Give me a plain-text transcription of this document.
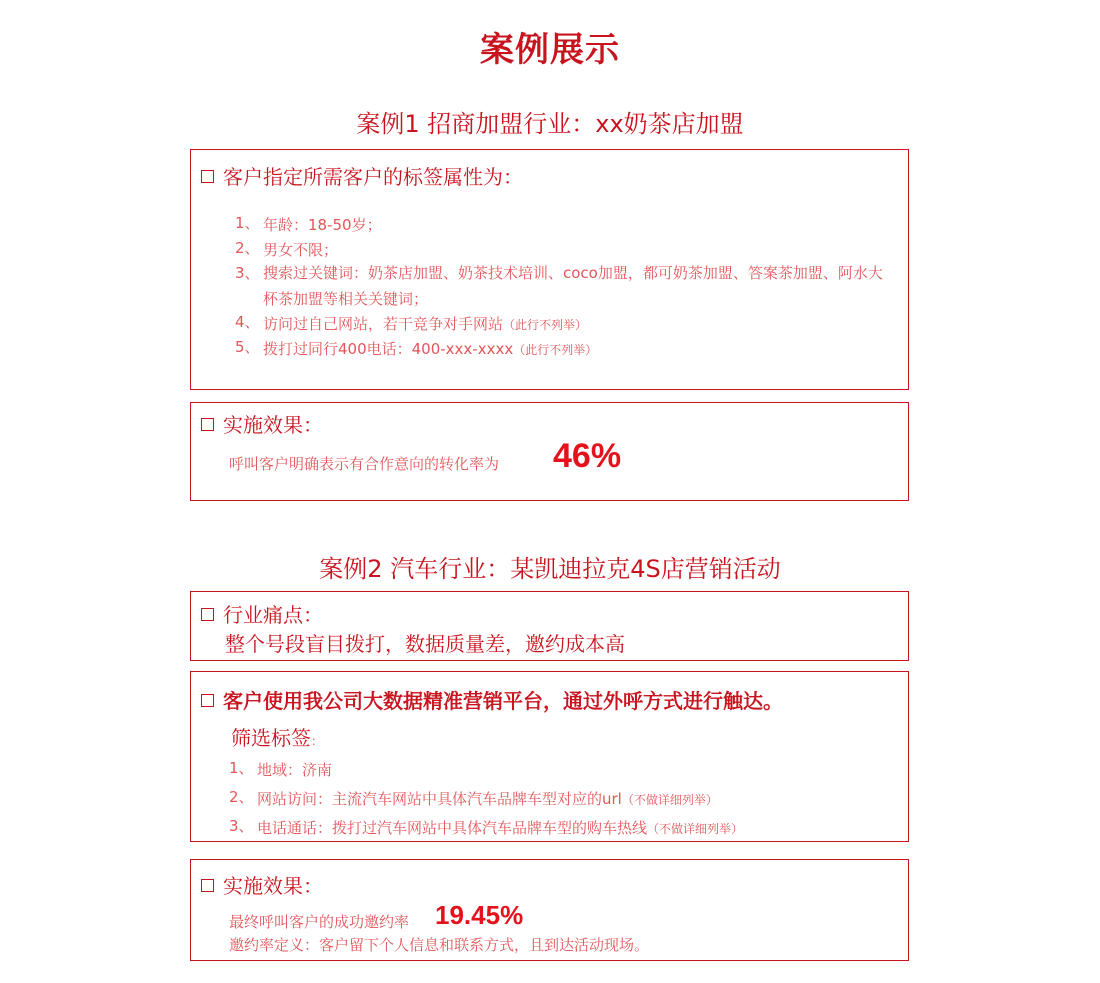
案例展示
案例1 招商加盟行业：xx奶茶店加盟
客户指定所需客户的标签属性为：
1、 年龄：18-50岁；
2、 男女不限；
3、 搜索过关键词：奶茶店加盟、奶茶技术培训、coco加盟，都可奶茶加盟、答案茶加盟、阿水大杯茶加盟等相关关键词；
4、 访问过自己网站，若干竞争对手网站（此行不列举）
5、 拨打过同行400电话：400-xxx-xxxx（此行不列举）
实施效果：
呼叫客户明确表示有合作意向的转化率为 46%
案例2 汽车行业：某凯迪拉克4S店营销活动
行业痛点：
整个号段盲目拨打，数据质量差，邀约成本高
客户使用我公司大数据精准营销平台，通过外呼方式进行触达。
筛选标签：
1、 地域：济南
2、 网站访问：主流汽车网站中具体汽车品牌车型对应的url（不做详细列举）
3、 电话通话：拨打过汽车网站中具体汽车品牌车型的购车热线（不做详细列举）
实施效果：
最终呼叫客户的成功邀约率 19.45%
邀约率定义：客户留下个人信息和联系方式，且到达活动现场。
